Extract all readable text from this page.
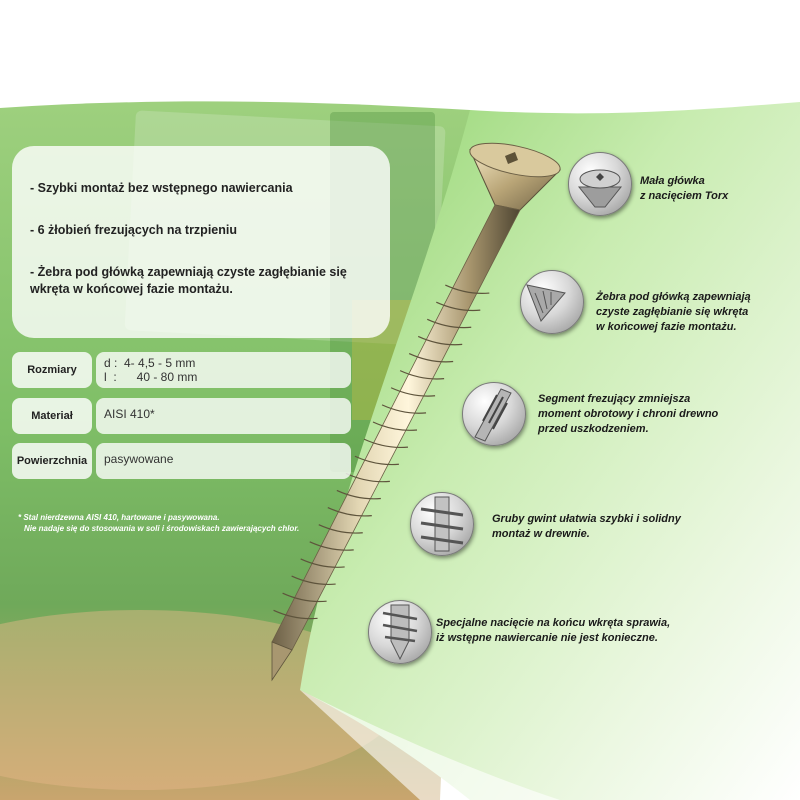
- Szybki montaż bez wstępnego nawiercania
- 6 żłobień frezujących na trzpieniu
- Żebra pod główką zapewniają czyste zagłębianie się wkręta w końcowej fazie montażu.
Rozmiary	d :  4- 4,5 - 5 mm
l  :      40 - 80 mm
Materiał	AISI 410*
Powierzchnia	pasywowane
* Stal nierdzewna AISI 410, hartowane i pasywowana.
Nie nadaje się do stosowania w soli i środowiskach zawierających chlor.
Mała główka
z nacięciem Torx
Żebra pod główką zapewniają
czyste zagłębianie się wkręta
w końcowej fazie montażu.
Segment frezujący zmniejsza
moment obrotowy i chroni drewno
przed uszkodzeniem.
Gruby gwint ułatwia szybki i solidny
montaż w drewnie.
Specjalne nacięcie na końcu wkręta sprawia,
iż wstępne nawiercanie nie jest konieczne.
